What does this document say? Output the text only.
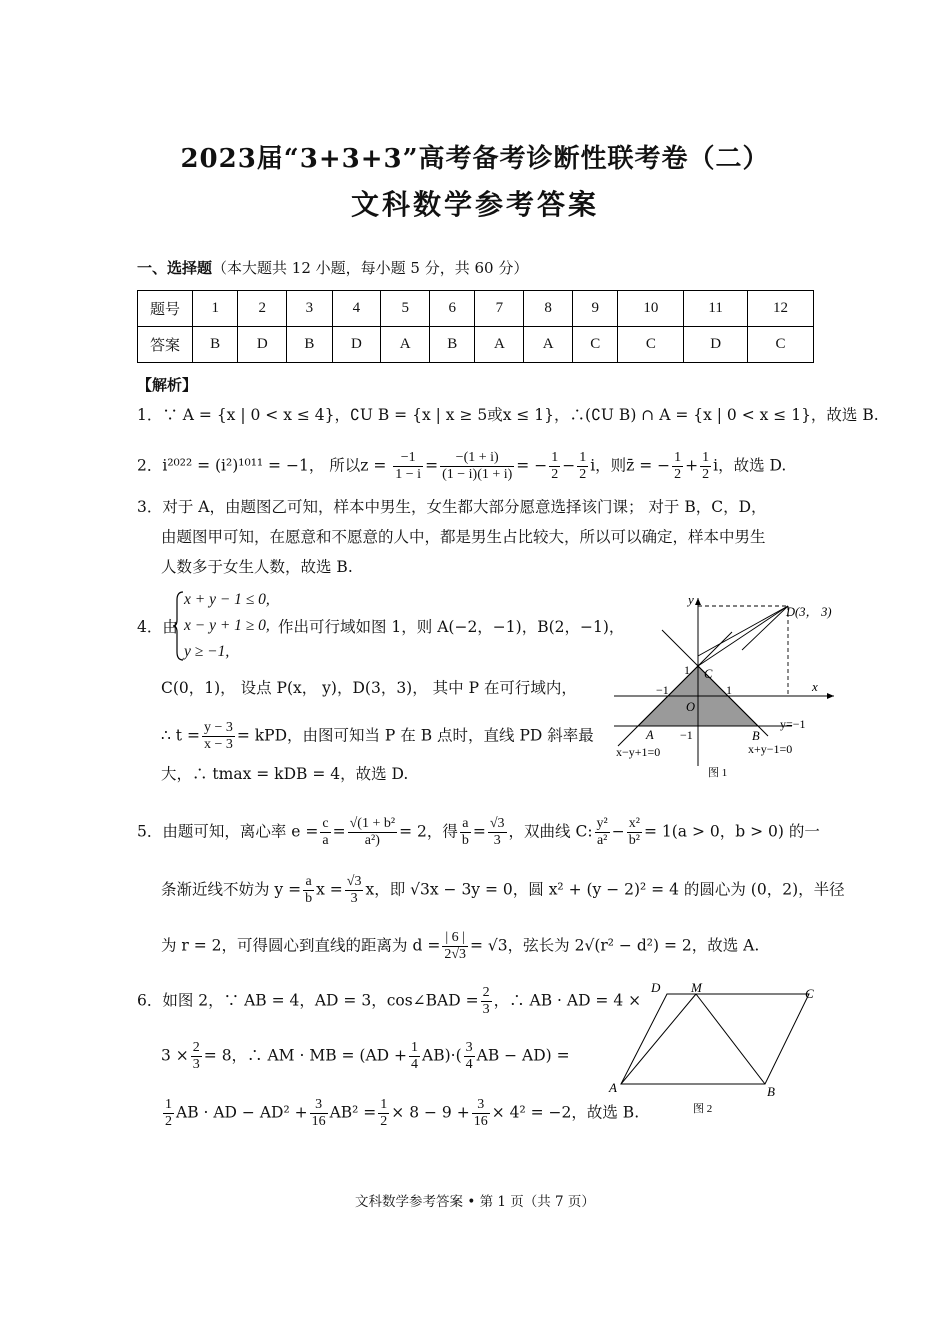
2023届“3+3+3”高考备考诊断性联考卷（二）
文科数学参考答案
一、选择题（本大题共 12 小题，每小题 5 分，共 60 分）
题号	1	2	3	4	5	6	7	8	9	10	11	12
答案	B	D	B	D	A	B	A	A	C	C	D	C
【解析】
1．∵ A = {x | 0 < x ≤ 4}，∁U B = {x | x ≥ 5或x ≤ 1}，∴(∁U B) ∩ A = {x | 0 < x ≤ 1}，故选 B.
2．i²⁰²² = (i²)¹⁰¹¹ = −1， 所以$z = \frac{-1}{1 - i} = \frac{-(1 + i)}{(1 - i)(1 + i)}$ = − $\frac{1}{2} - \frac{1}{2}$ i，则z̄ = − $\frac{1}{2} + \frac{1}{2}$ i，故选 D.
3．对于 A，由题图乙可知，样本中男生，女生都大部分愿意选择该门课； 对于 B，C，D，
由题图甲可知，在愿意和不愿意的人中，都是男生占比较大，所以可以确定，样本中男生
人数多于女生人数，故选 B.
4．由
x + y − 1 ≤ 0,
x − y + 1 ≥ 0,
y ≥ −1,
作出可行域如图 1，则 A(−2，−1)，B(2，−1)，
C(0，1)， 设点 P(x， y)，D(3，3)， 其中 P 在可行域内，
∴ $t = \frac{y - 3}{x - 3}$ = kPD，由图可知当 P 在 B 点时，直线 PD 斜率最
大，∴ tmax = kDB = 4，故选 D.
y
x
D(3， 3)
C
1
−1	1
O
A −1	B
y=−1
x−y+1=0	x+y−1=0
图 1
5．由题可知，离心率 $e = \frac{c}{a} = \frac{\text{√(1 + b²}}{\text{a²)}} = 2$，得 $\frac{a}{b} = \frac{√3}{3}$ ，双曲线 C: $\frac{\text{y²}}{\text{a²}} - \frac{\text{x²}}{\text{b²}} = 1(a > 0$，b > 0) 的一
条渐近线不妨为 $y = \frac{a}{b}$ $x = \frac{√3}{3}$ x，即 √3x − 3y = 0，圆 x² + (y − 2)² = 4 的圆心为 (0，2)，半径
为 r = 2，可得圆心到直线的距离为 $d = \frac{| 6 |}{2√3} = √3$，弦长为 2√(r² − d²) = 2，故选 A.
6．如图 2，∵ AB = 4，AD = 3，cos∠BAD = $\frac{2}{3}$ ，∴ AB · AD = 4 ×
$3 \times \frac{2}{3} = 8$，∴ AM · MB = $(AD + \frac{1}{4} AB)\cdot( \frac{3}{4}$ AB − AD) =
$\frac{1}{2}$ AB · AD − $AD^2 + \frac{3}{16} AB^2 = \frac{1}{2} \times 8 - 9 + \frac{3}{16} \times 4^2 = -2$，故选 B.
D M	C
A	B
图 2
文科数学参考答案 • 第 1 页（共 7 页）
